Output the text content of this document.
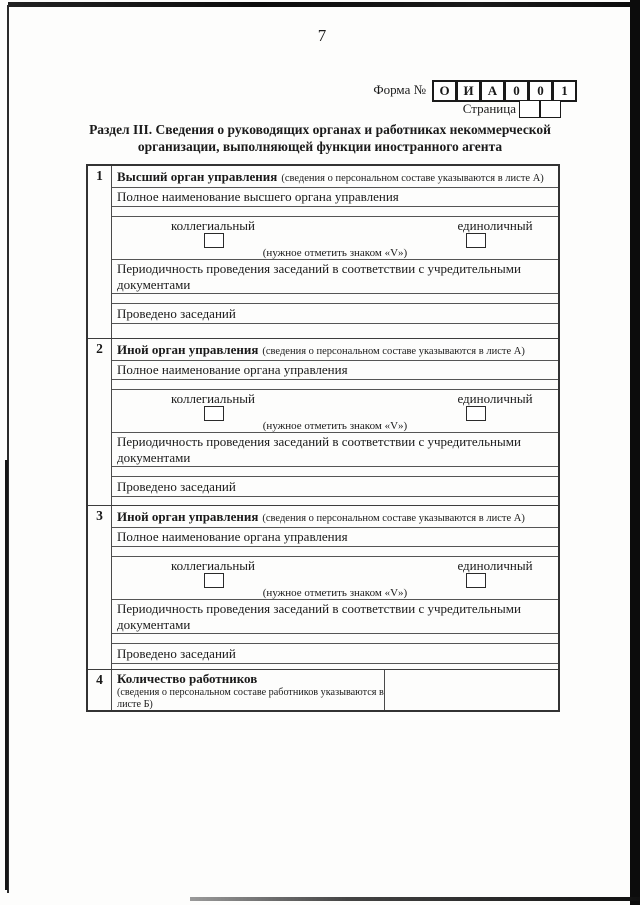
7
Форма №	О	И	А	0	0	1
Страница
Раздел III. Сведения о руководящих органах и работниках некоммерческой
организации, выполняющей функции иностранного агента
1	Высший орган управления (сведения о персональном составе указываются в листе А)
Полное наименование высшего органа управления
коллегиальный	единоличный
(нужное отметить знаком «V»)
Периодичность проведения заседаний в соответствии с учредительными документами
Проведено заседаний
2	Иной орган управления (сведения о персональном составе указываются в листе А)
Полное наименование органа управления
коллегиальный	единоличный
(нужное отметить знаком «V»)
Периодичность проведения заседаний в соответствии с учредительными документами
Проведено заседаний
3	Иной орган управления (сведения о персональном составе указываются в листе А)
Полное наименование органа управления
коллегиальный	единоличный
(нужное отметить знаком «V»)
Периодичность проведения заседаний в соответствии с учредительными документами
Проведено заседаний
4	Количество работников
(сведения о персональном составе работников указываются в листе Б)
